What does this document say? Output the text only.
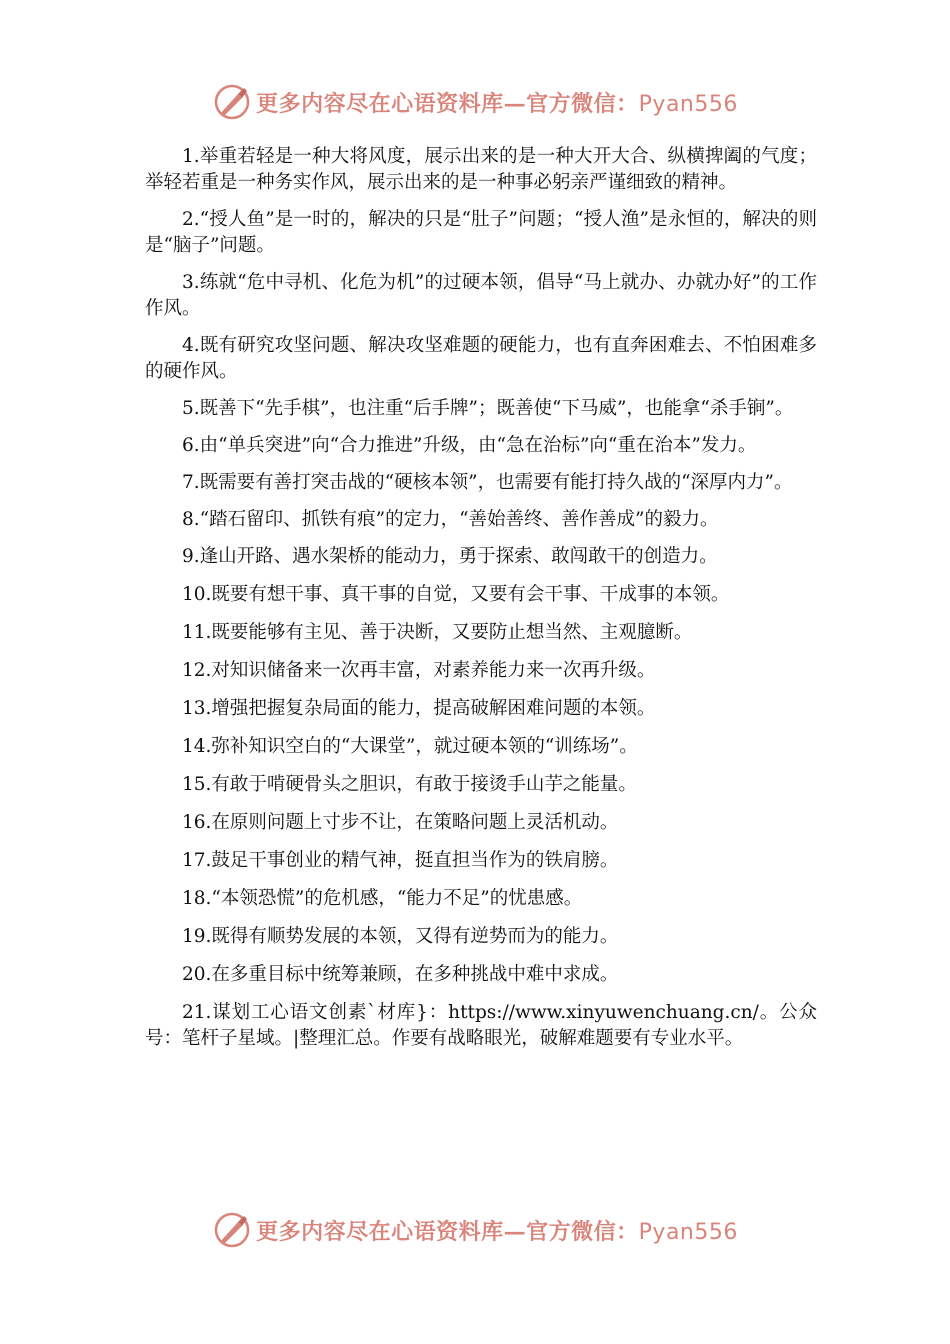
更多内容尽在心语资料库—官方微信：Pyan556

1.举重若轻是一种大将风度，展示出来的是一种大开大合、纵横捭阖的气度；举轻若重是一种务实作风，展示出来的是一种事必躬亲严谨细致的精神。

2.“授人鱼”是一时的，解决的只是“肚子”问题；“授人渔”是永恒的，解决的则是“脑子”问题。

3.练就“危中寻机、化危为机”的过硬本领，倡导“马上就办、办就办好”的工作作风。

4.既有研究攻坚问题、解决攻坚难题的硬能力，也有直奔困难去、不怕困难多的硬作风。

5.既善下“先手棋”，也注重“后手牌”；既善使“下马威”，也能拿“杀手锏”。

6.由“单兵突进”向“合力推进”升级，由“急在治标”向“重在治本”发力。

7.既需要有善打突击战的“硬核本领”，也需要有能打持久战的“深厚内力”。

8.“踏石留印、抓铁有痕”的定力，“善始善终、善作善成”的毅力。

9.逢山开路、遇水架桥的能动力，勇于探索、敢闯敢干的创造力。

10.既要有想干事、真干事的自觉，又要有会干事、干成事的本领。

11.既要能够有主见、善于决断，又要防止想当然、主观臆断。

12.对知识储备来一次再丰富，对素养能力来一次再升级。

13.增强把握复杂局面的能力，提高破解困难问题的本领。

14.弥补知识空白的“大课堂”，就过硬本领的“训练场”。

15.有敢于啃硬骨头之胆识，有敢于接烫手山芋之能量。

16.在原则问题上寸步不让，在策略问题上灵活机动。

17.鼓足干事创业的精气神，挺直担当作为的铁肩膀。

18.“本领恐慌”的危机感，“能力不足”的忧患感。

19.既得有顺势发展的本领，又得有逆势而为的能力。

20.在多重目标中统筹兼顾，在多种挑战中难中求成。

21.谋划工心语文创素`材库}：https://www.xinyuwenchuang.cn/。公众号：笔杆子星域。|整理汇总。作要有战略眼光，破解难题要有专业水平。

更多内容尽在心语资料库—官方微信：Pyan556
